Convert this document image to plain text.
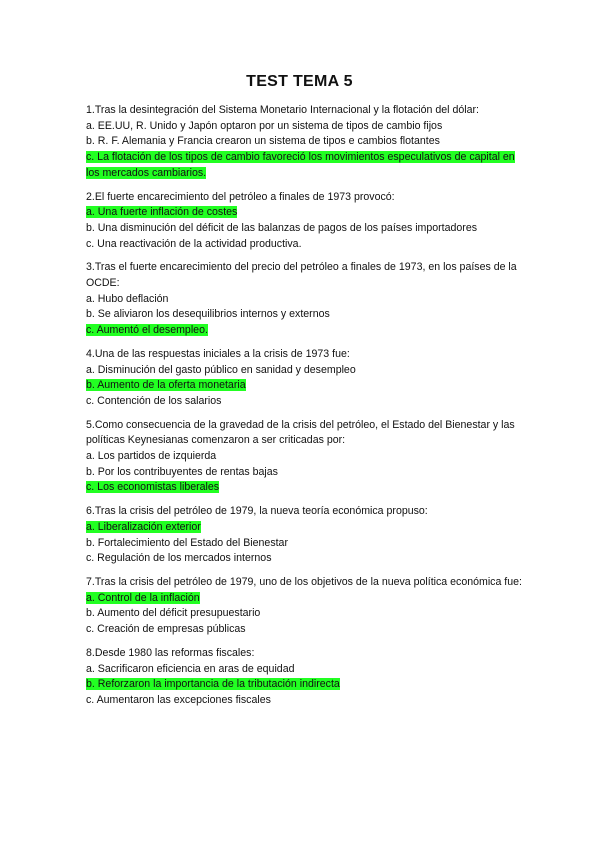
TEST TEMA 5
1.Tras la desintegración del Sistema Monetario Internacional y la flotación del dólar:
a. EE.UU, R. Unido y Japón optaron por un sistema de tipos de cambio fijos
b. R. F. Alemania y Francia crearon un sistema de tipos e cambios flotantes
c. La flotación de los tipos de cambio favoreció los movimientos especulativos de capital en los mercados cambiarios.
2.El fuerte encarecimiento del petróleo a finales de 1973 provocó:
a. Una fuerte inflación de costes
b. Una disminución del déficit de las balanzas de pagos de los países importadores
c. Una reactivación de la actividad productiva.
3.Tras el fuerte encarecimiento del precio del petróleo a finales de 1973, en los países de la OCDE:
a. Hubo deflación
b. Se aliviaron los desequilibrios internos y externos
c. Aumentó el desempleo.
4.Una de las respuestas iniciales a la crisis de 1973 fue:
a. Disminución del gasto público en sanidad y desempleo
b. Aumento de la oferta monetaria
c. Contención de los salarios
5.Como consecuencia de la gravedad de la crisis del petróleo, el Estado del Bienestar y las políticas Keynesianas comenzaron a ser criticadas por:
a. Los partidos de izquierda
b. Por los contribuyentes de rentas bajas
c. Los economistas liberales
6.Tras la crisis del petróleo de 1979, la nueva teoría económica propuso:
a. Liberalización exterior
b. Fortalecimiento del Estado del Bienestar
c. Regulación de los mercados internos
7.Tras la crisis del petróleo de 1979, uno de los objetivos de la nueva política económica fue:
a. Control de la inflación
b. Aumento del déficit presupuestario
c. Creación de empresas públicas
8.Desde 1980 las reformas fiscales:
a. Sacrificaron eficiencia en aras de equidad
b. Reforzaron la importancia de la tributación indirecta
c. Aumentaron las excepciones fiscales
